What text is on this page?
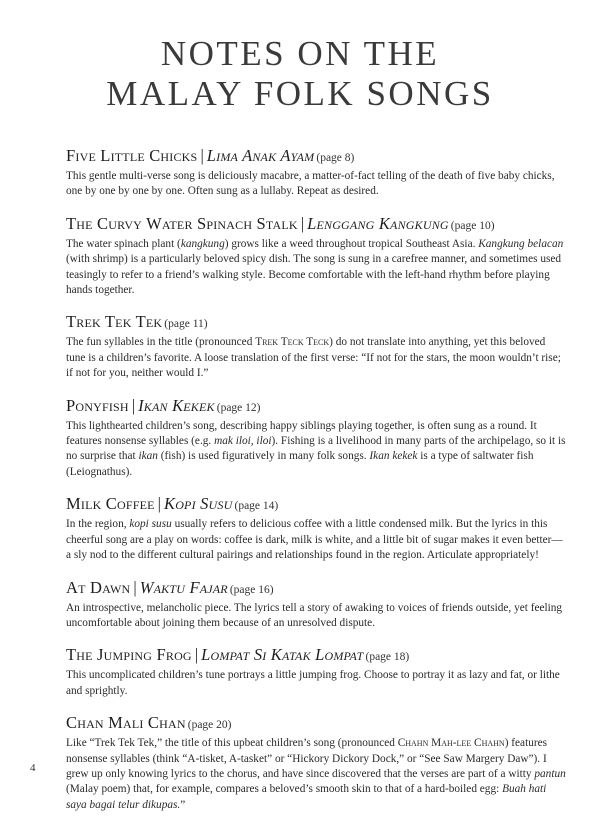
NOTES ON THE
MALAY FOLK SONGS
Five Little Chicks | Lima Anak Ayam (page 8)

This gentle multi-verse song is deliciously macabre, a matter-of-fact telling of the death of five baby chicks, one by one by one by one. Often sung as a lullaby. Repeat as desired.

The Curvy Water Spinach Stalk | Lenggang Kangkung (page 10)

The water spinach plant (kangkung) grows like a weed throughout tropical Southeast Asia. Kangkung belacan (with shrimp) is a particularly beloved spicy dish. The song is sung in a carefree manner, and sometimes used teasingly to refer to a friend’s walking style. Become comfortable with the left-hand rhythm before playing hands together.

Trek Tek Tek (page 11)

The fun syllables in the title (pronounced Trek Teck Teck) do not translate into anything, yet this beloved tune is a children’s favorite. A loose translation of the first verse: “If not for the stars, the moon wouldn’t rise; if not for you, neither would I.”

Ponyfish | Ikan Kekek (page 12)

This lighthearted children’s song, describing happy siblings playing together, is often sung as a round. It features nonsense syllables (e.g. mak iloi, iloi). Fishing is a livelihood in many parts of the archipelago, so it is no surprise that ikan (fish) is used figuratively in many folk songs. Ikan kekek is a type of saltwater fish (Leiognathus).

Milk Coffee | Kopi Susu (page 14)

In the region, kopi susu usually refers to delicious coffee with a little condensed milk. But the lyrics in this cheerful song are a play on words: coffee is dark, milk is white, and a little bit of sugar makes it even better—a sly nod to the different cultural pairings and relationships found in the region. Articulate appropriately!

At Dawn | Waktu Fajar (page 16)

An introspective, melancholic piece. The lyrics tell a story of awaking to voices of friends outside, yet feeling uncomfortable about joining them because of an unresolved dispute.

The Jumping Frog | Lompat Si Katak Lompat (page 18)

This uncomplicated children’s tune portrays a little jumping frog. Choose to portray it as lazy and fat, or lithe and sprightly.

Chan Mali Chan (page 20)

Like “Trek Tek Tek,” the title of this upbeat children’s song (pronounced Chahn Mah-lee Chahn) features nonsense syllables (think “A-tisket, A-tasket” or “Hickory Dickory Dock,” or “See Saw Margery Daw”). I grew up only knowing lyrics to the chorus, and have since discovered that the verses are part of a witty pantun (Malay poem) that, for example, compares a beloved’s smooth skin to that of a hard-boiled egg: Buah hati saya bagai telur dikupas.”

4
